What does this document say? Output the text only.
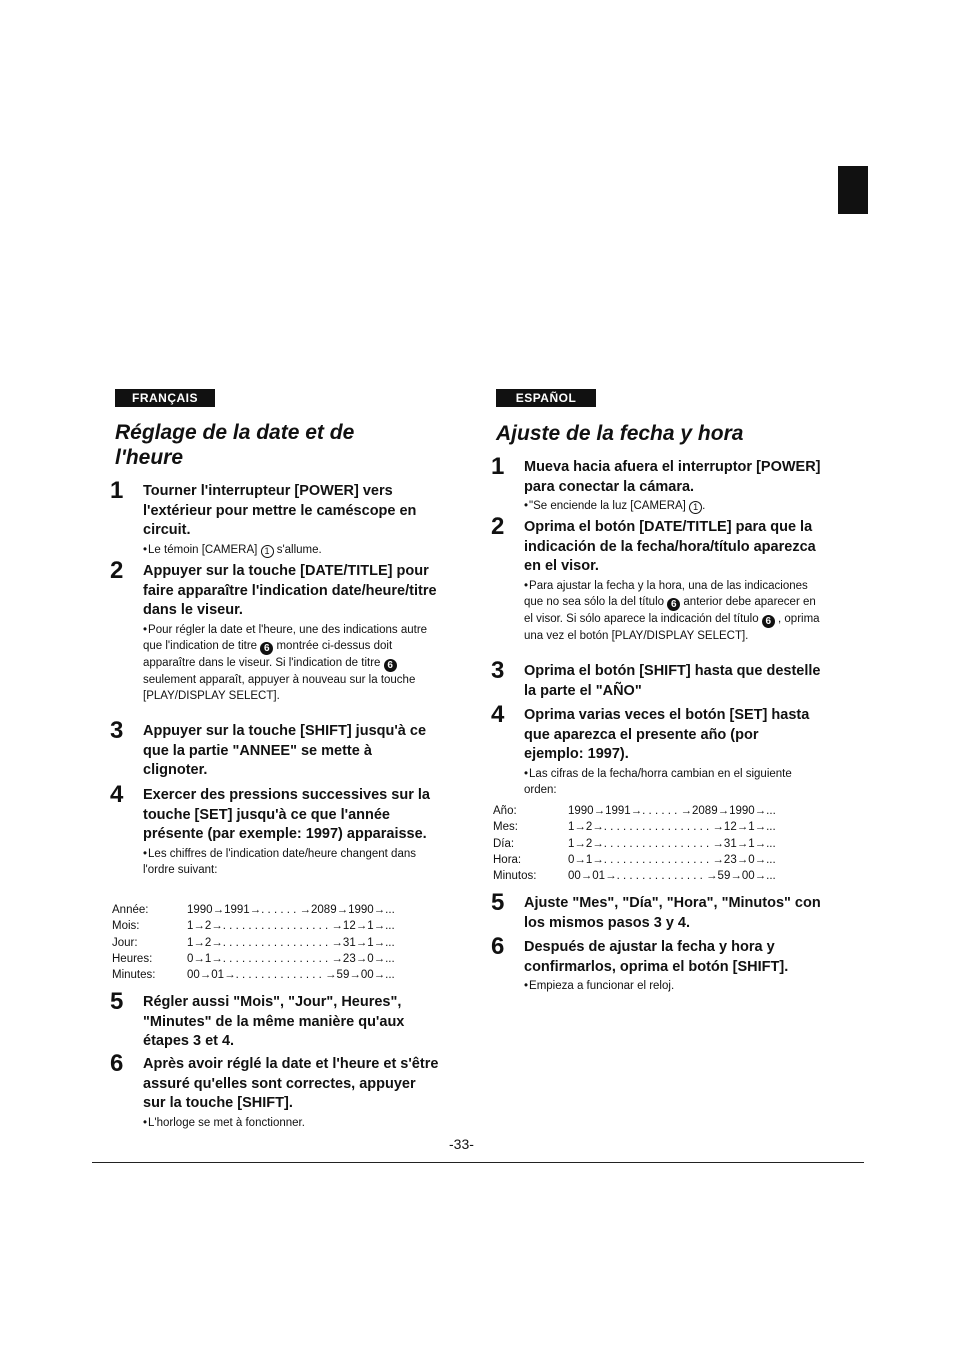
FRANÇAIS
Réglage de la date et de l'heure
1 Tourner l'interrupteur [POWER] vers l'extérieur pour mettre le caméscope en circuit.
•Le témoin [CAMERA] 1 s'allume.
2 Appuyer sur la touche [DATE/TITLE] pour faire apparaître l'indication date/heure/titre dans le viseur.
•Pour régler la date et l'heure, une des indications autre que l'indication de titre 6 montrée ci-dessus doit apparaître dans le viseur. Si l'indication de titre 6 seulement apparaît, appuyer à nouveau sur la touche [PLAY/DISPLAY SELECT].
3 Appuyer sur la touche [SHIFT] jusqu'à ce que la partie "ANNEE" se mette à clignoter.
4 Exercer des pressions successives sur la touche [SET] jusqu'à ce que l'année présente (par exemple: 1997) apparaisse.
•Les chiffres de l'indication date/heure changent dans l'ordre suivant:
Année:	1990→1991→. . . . . . →2089→1990→...
Mois:	1→2→. . . . . . . . . . . . . . . . . →12→1→...
Jour:	1→2→. . . . . . . . . . . . . . . . . →31→1→...
Heures:	0→1→. . . . . . . . . . . . . . . . . →23→0→...
Minutes:	00→01→. . . . . . . . . . . . . . →59→00→...
5 Régler aussi "Mois", "Jour", Heures", "Minutes" de la même manière qu'aux étapes 3 et 4.
6 Après avoir réglé la date et l'heure et s'être assuré qu'elles sont correctes, appuyer sur la touche [SHIFT].
•L'horloge se met à fonctionner.
ESPAÑOL
Ajuste de la fecha y hora
1 Mueva hacia afuera el interruptor [POWER] para conectar la cámara.
•"Se enciende la luz [CAMERA] 1 .
2 Oprima el botón [DATE/TITLE] para que la indicación de la fecha/hora/título aparezca en el visor.
•Para ajustar la fecha y la hora, una de las indicaciones que no sea sólo la del título 6 anterior debe aparecer en el visor. Si sólo aparece la indicación del título 6 , oprima una vez el botón [PLAY/DISPLAY SELECT].
3 Oprima el botón [SHIFT] hasta que destelle la parte el "AÑO"
4 Oprima varias veces el botón [SET] hasta que aparezca el presente año (por ejemplo: 1997).
•Las cifras de la fecha/horra cambian en el siguiente orden:
Año:	1990→1991→. . . . . . →2089→1990→...
Mes:	1→2→. . . . . . . . . . . . . . . . . →12→1→...
Día:	1→2→. . . . . . . . . . . . . . . . . →31→1→...
Hora:	0→1→. . . . . . . . . . . . . . . . . →23→0→...
Minutos:	00→01→. . . . . . . . . . . . . . →59→00→...
5 Ajuste "Mes", "Día", "Hora", "Minutos" con los mismos pasos 3 y 4.
6 Después de ajustar la fecha y hora y confirmarlos, oprima el botón [SHIFT].
•Empieza a funcionar el reloj.
-33-
